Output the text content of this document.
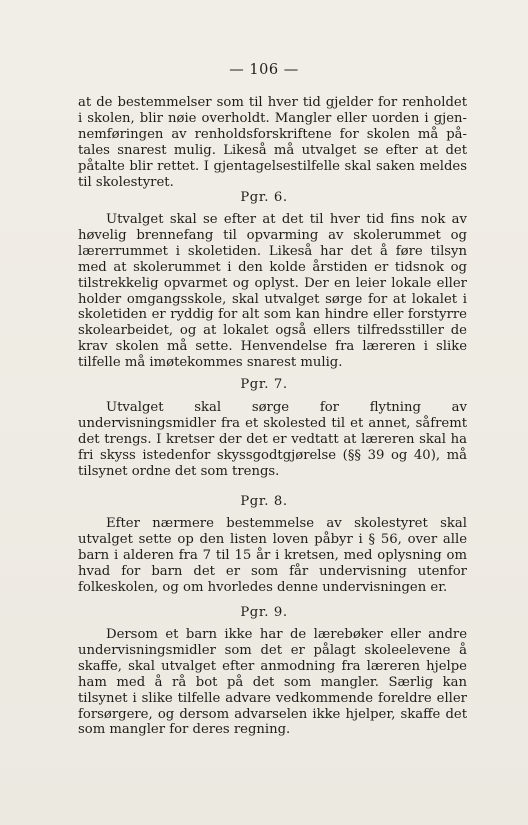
— 106 —

at de bestemmelser som til hver tid gjelder for renholdet i skolen, blir nøie overholdt. Mangler eller uorden i gjennemføringen av renholdsforskriftene for skolen må påtales snarest mulig. Likeså må utvalget se efter at det påtalte blir rettet. I gjentagelsestilfelle skal saken meldes til skolestyret.

Pgr. 6.

Utvalget skal se efter at det til hver tid fins nok av høvelig brennefang til opvarming av skolerummet og lærerrummet i skoletiden. Likeså har det å føre tilsyn med at skolerummet i den kolde årstiden er tidsnok og tilstrekkelig opvarmet og oplyst. Der en leier lokale eller holder omgangsskole, skal utvalget sørge for at lokalet i skoletiden er ryddig for alt som kan hindre eller forstyrre skolearbeidet, og at lokalet også ellers tilfredsstiller de krav skolen må sette. Henvendelse fra læreren i slike tilfelle må imøtekommes snarest mulig.

Pgr. 7.

Utvalget skal sørge for flytning av undervisningsmidler fra et skolested til et annet, såfremt det trengs. I kretser der det er vedtatt at læreren skal ha fri skyss istedenfor skyssgodtgjørelse (§§ 39 og 40), må tilsynet ordne det som trengs.

Pgr. 8.

Efter nærmere bestemmelse av skolestyret skal utvalget sette op den listen loven påbyr i § 56, over alle barn i alderen fra 7 til 15 år i kretsen, med oplysning om hvad for barn det er som får undervisning utenfor folkeskolen, og om hvorledes denne undervisningen er.

Pgr. 9.

Dersom et barn ikke har de lærebøker eller andre undervisningsmidler som det er pålagt skoleelevene å skaffe, skal utvalget efter anmodning fra læreren hjelpe ham med å rå bot på det som mangler. Særlig kan tilsynet i slike tilfelle advare vedkommende foreldre eller forsørgere, og dersom advarselen ikke hjelper, skaffe det som mangler for deres regning.
